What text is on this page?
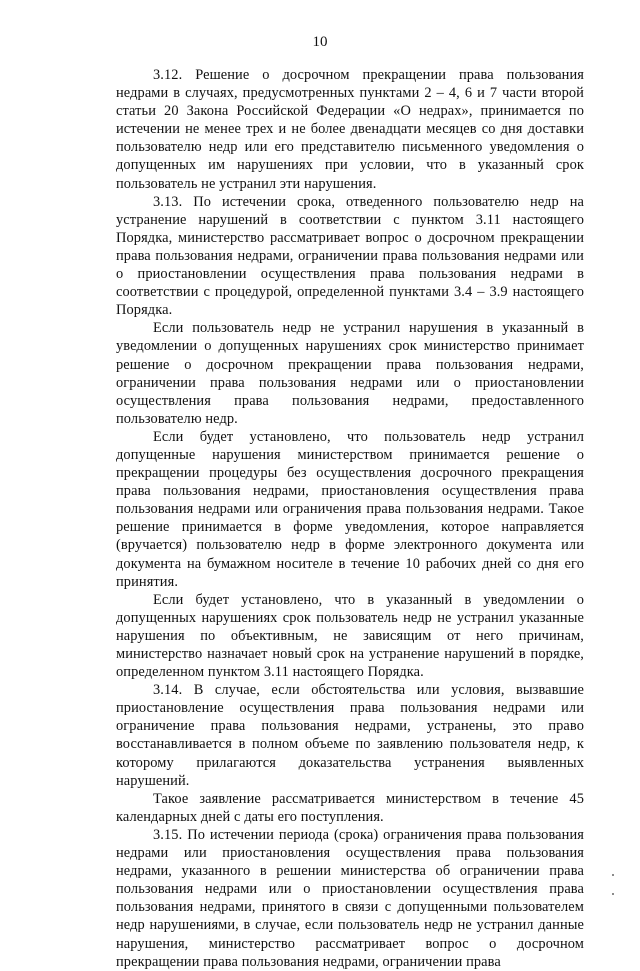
10

3.12. Решение о досрочном прекращении права пользования недрами в случаях, предусмотренных пунктами 2 – 4, 6 и 7 части второй статьи 20 Закона Российской Федерации «О недрах», принимается по истечении не менее трех и не более двенадцати месяцев со дня доставки пользователю недр или его представителю письменного уведомления о допущенных им нарушениях при условии, что в указанный срок пользователь не устранил эти нарушения.

3.13. По истечении срока, отведенного пользователю недр на устранение нарушений в соответствии с пунктом 3.11 настоящего Порядка, министерство рассматривает вопрос о досрочном прекращении права пользования недрами, ограничении права пользования недрами или о приостановлении осуществления права пользования недрами в соответствии с процедурой, определенной пунктами 3.4 – 3.9 настоящего Порядка.

Если пользователь недр не устранил нарушения в указанный в уведомлении о допущенных нарушениях срок министерство принимает решение о досрочном прекращении права пользования недрами, ограничении права пользования недрами или о приостановлении осуществления права пользования недрами, предоставленного пользователю недр.

Если будет установлено, что пользователь недр устранил допущенные нарушения министерством принимается решение о прекращении процедуры без осуществления досрочного прекращения права пользования недрами, приостановления осуществления права пользования недрами или ограничения права пользования недрами. Такое решение принимается в форме уведомления, которое направляется (вручается) пользователю недр в форме электронного документа или документа на бумажном носителе в течение 10 рабочих дней со дня его принятия.

Если будет установлено, что в указанный в уведомлении о допущенных нарушениях срок пользователь недр не устранил указанные нарушения по объективным, не зависящим от него причинам, министерство назначает новый срок на устранение нарушений в порядке, определенном пунктом 3.11 настоящего Порядка.

3.14. В случае, если обстоятельства или условия, вызвавшие приостановление осуществления права пользования недрами или ограничение права пользования недрами, устранены, это право восстанавливается в полном объеме по заявлению пользователя недр, к которому прилагаются доказательства устранения выявленных нарушений.

Такое заявление рассматривается министерством в течение 45 календарных дней с даты его поступления.

3.15. По истечении периода (срока) ограничения права пользования недрами или приостановления осуществления права пользования недрами, указанного в решении министерства об ограничении права пользования недрами или о приостановлении осуществления права пользования недрами, принятого в связи с допущенными пользователем недр нарушениями, в случае, если пользователь недр не устранил данные нарушения, министерство рассматривает вопрос о досрочном прекращении права пользования недрами, ограничении права
